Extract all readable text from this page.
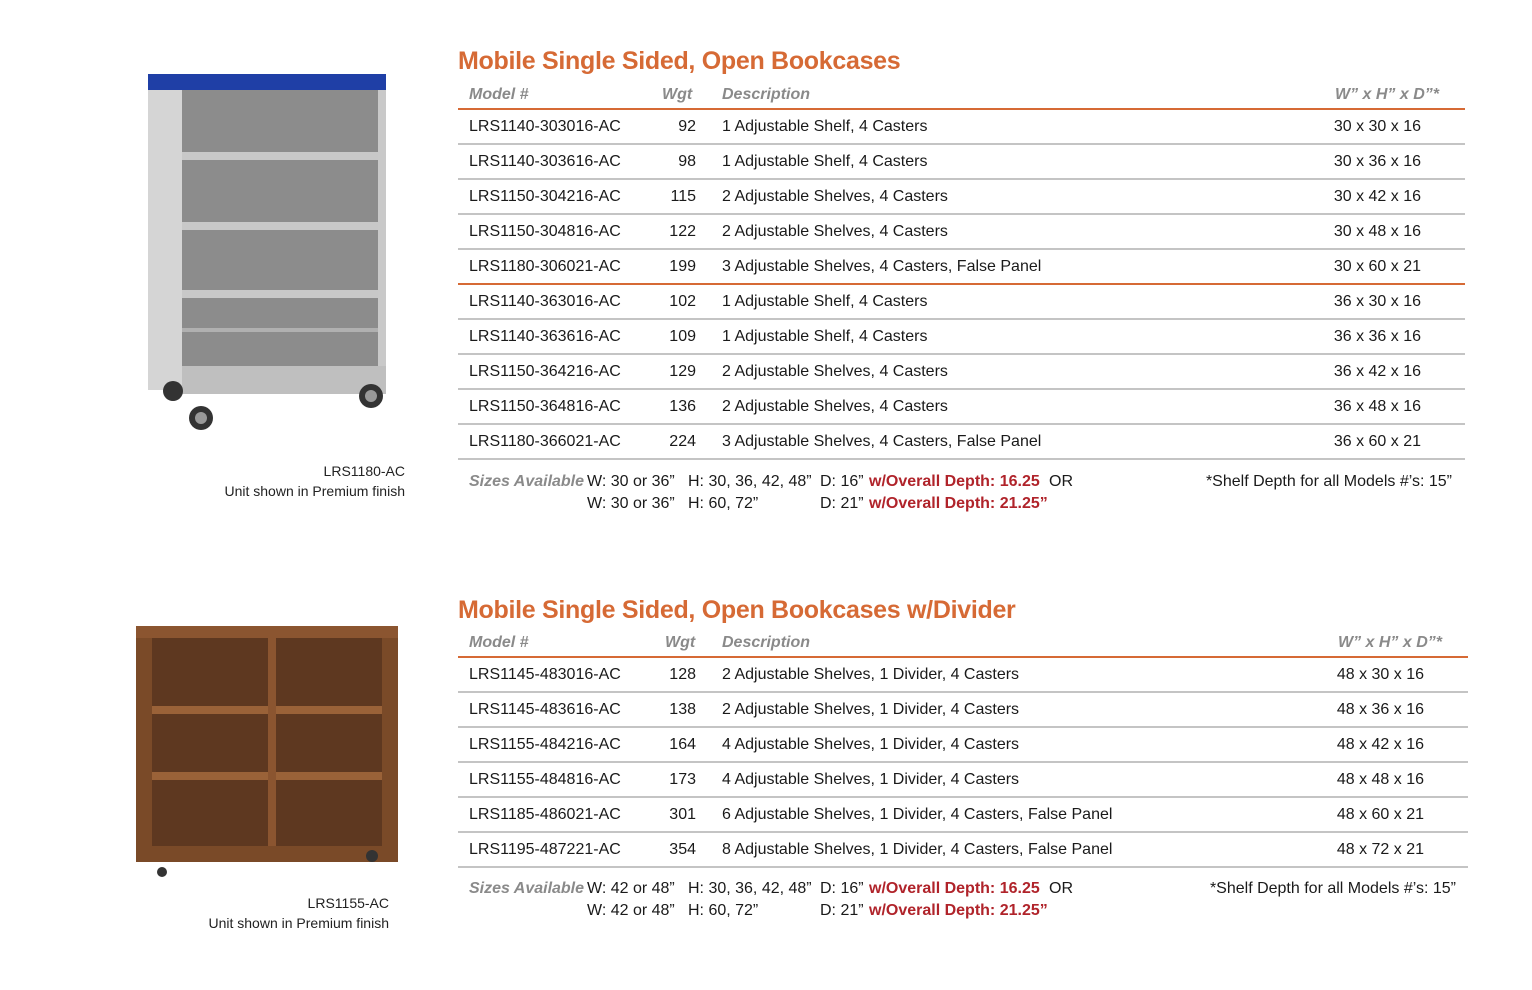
LRS1180-AC
Unit shown in Premium finish
Mobile Single Sided, Open Bookcases
Model #	Wgt	Description	W” x H” x D”*
LRS1140-303016-AC	92 1 Adjustable Shelf, 4 Casters	30 x 30 x 16
LRS1140-303616-AC	98 1 Adjustable Shelf, 4 Casters	30 x 36 x 16
LRS1150-304216-AC	115 2 Adjustable Shelves, 4 Casters	30 x 42 x 16
LRS1150-304816-AC	122 2 Adjustable Shelves, 4 Casters	30 x 48 x 16
LRS1180-306021-AC	199 3 Adjustable Shelves, 4 Casters, False Panel	30 x 60 x 21
LRS1140-363016-AC	102 1 Adjustable Shelf, 4 Casters	36 x 30 x 16
LRS1140-363616-AC	109 1 Adjustable Shelf, 4 Casters	36 x 36 x 16
LRS1150-364216-AC	129 2 Adjustable Shelves, 4 Casters	36 x 42 x 16
LRS1150-364816-AC	136 2 Adjustable Shelves, 4 Casters	36 x 48 x 16
LRS1180-366021-AC	224 3 Adjustable Shelves, 4 Casters, False Panel	36 x 60 x 21
Sizes Available W: 30 or 36” H: 30, 36, 42, 48” D: 16” w/Overall Depth: 16.25 OR
W: 30 or 36” H: 60, 72”	D: 21” w/Overall Depth: 21.25”
*Shelf Depth for all Models #’s: 15”
LRS1155-AC
Unit shown in Premium finish
Mobile Single Sided, Open Bookcases w/Divider
Model #	Wgt	Description	W” x H” x D”*
LRS1145-483016-AC	128 2 Adjustable Shelves, 1 Divider, 4 Casters	48 x 30 x 16
LRS1145-483616-AC	138 2 Adjustable Shelves, 1 Divider, 4 Casters	48 x 36 x 16
LRS1155-484216-AC	164 4 Adjustable Shelves, 1 Divider, 4 Casters	48 x 42 x 16
LRS1155-484816-AC	173 4 Adjustable Shelves, 1 Divider, 4 Casters	48 x 48 x 16
LRS1185-486021-AC	301 6 Adjustable Shelves, 1 Divider, 4 Casters, False Panel	48 x 60 x 21
LRS1195-487221-AC	354 8 Adjustable Shelves, 1 Divider, 4 Casters, False Panel	48 x 72 x 21
Sizes Available W: 42 or 48” H: 30, 36, 42, 48” D: 16” w/Overall Depth: 16.25 OR
W: 42 or 48” H: 60, 72”	D: 21” w/Overall Depth: 21.25”
*Shelf Depth for all Models #’s: 15”
